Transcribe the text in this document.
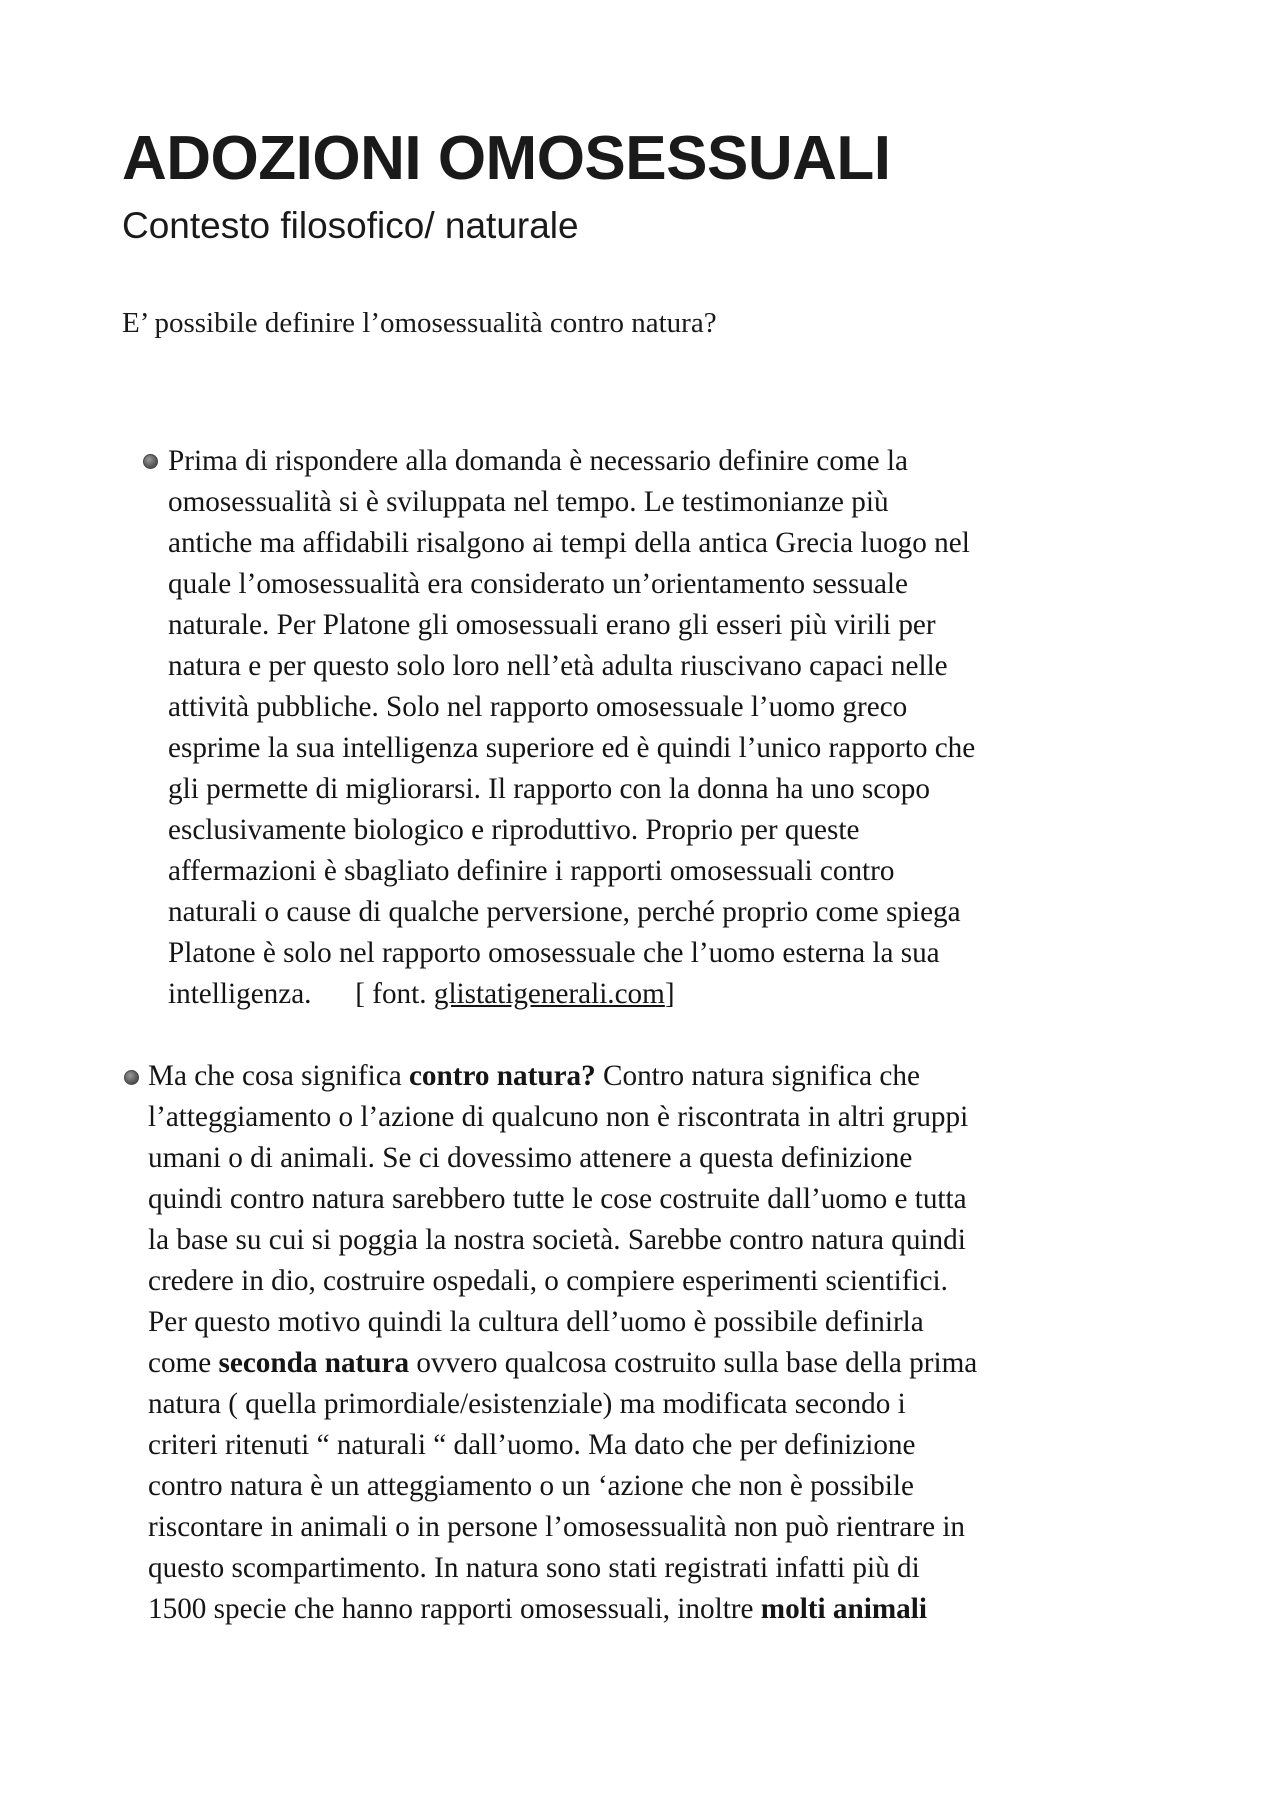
ADOZIONI OMOSESSUALI
Contesto filosofico/ naturale

E’ possibile definire l’omosessualità contro natura?

Prima di rispondere alla domanda è necessario definire come la
omosessualità si è sviluppata nel tempo. Le testimonianze più
antiche ma affidabili risalgono ai tempi della antica Grecia luogo nel
quale l’omosessualità era considerato un’orientamento sessuale
naturale. Per Platone gli omosessuali erano gli esseri più virili per
natura e per questo solo loro nell’età adulta riuscivano capaci nelle
attività pubbliche. Solo nel rapporto omosessuale l’uomo greco
esprime la sua intelligenza superiore ed è quindi l’unico rapporto che
gli permette di migliorarsi. Il rapporto con la donna ha uno scopo
esclusivamente biologico e riproduttivo. Proprio per queste
affermazioni è sbagliato definire i rapporti omosessuali contro
naturali o cause di qualche perversione, perché proprio come spiega
Platone è solo nel rapporto omosessuale che l’uomo esterna la sua
intelligenza.      [ font. glistatigenerali.com]
Ma che cosa significa contro natura? Contro natura significa che
l’atteggiamento o l’azione di qualcuno non è riscontrata in altri gruppi
umani o di animali. Se ci dovessimo attenere a questa definizione
quindi contro natura sarebbero tutte le cose costruite dall’uomo e tutta
la base su cui si poggia la nostra società. Sarebbe contro natura quindi
credere in dio, costruire ospedali, o compiere esperimenti scientifici.
Per questo motivo quindi la cultura dell’uomo è possibile definirla
come seconda natura ovvero qualcosa costruito sulla base della prima
natura ( quella primordiale/esistenziale) ma modificata secondo i
criteri ritenuti “ naturali “ dall’uomo. Ma dato che per definizione
contro natura è un atteggiamento o un ‘azione che non è possibile
riscontare in animali o in persone l’omosessualità non può rientrare in
questo scompartimento. In natura sono stati registrati infatti più di
1500 specie che hanno rapporti omosessuali, inoltre molti animali
